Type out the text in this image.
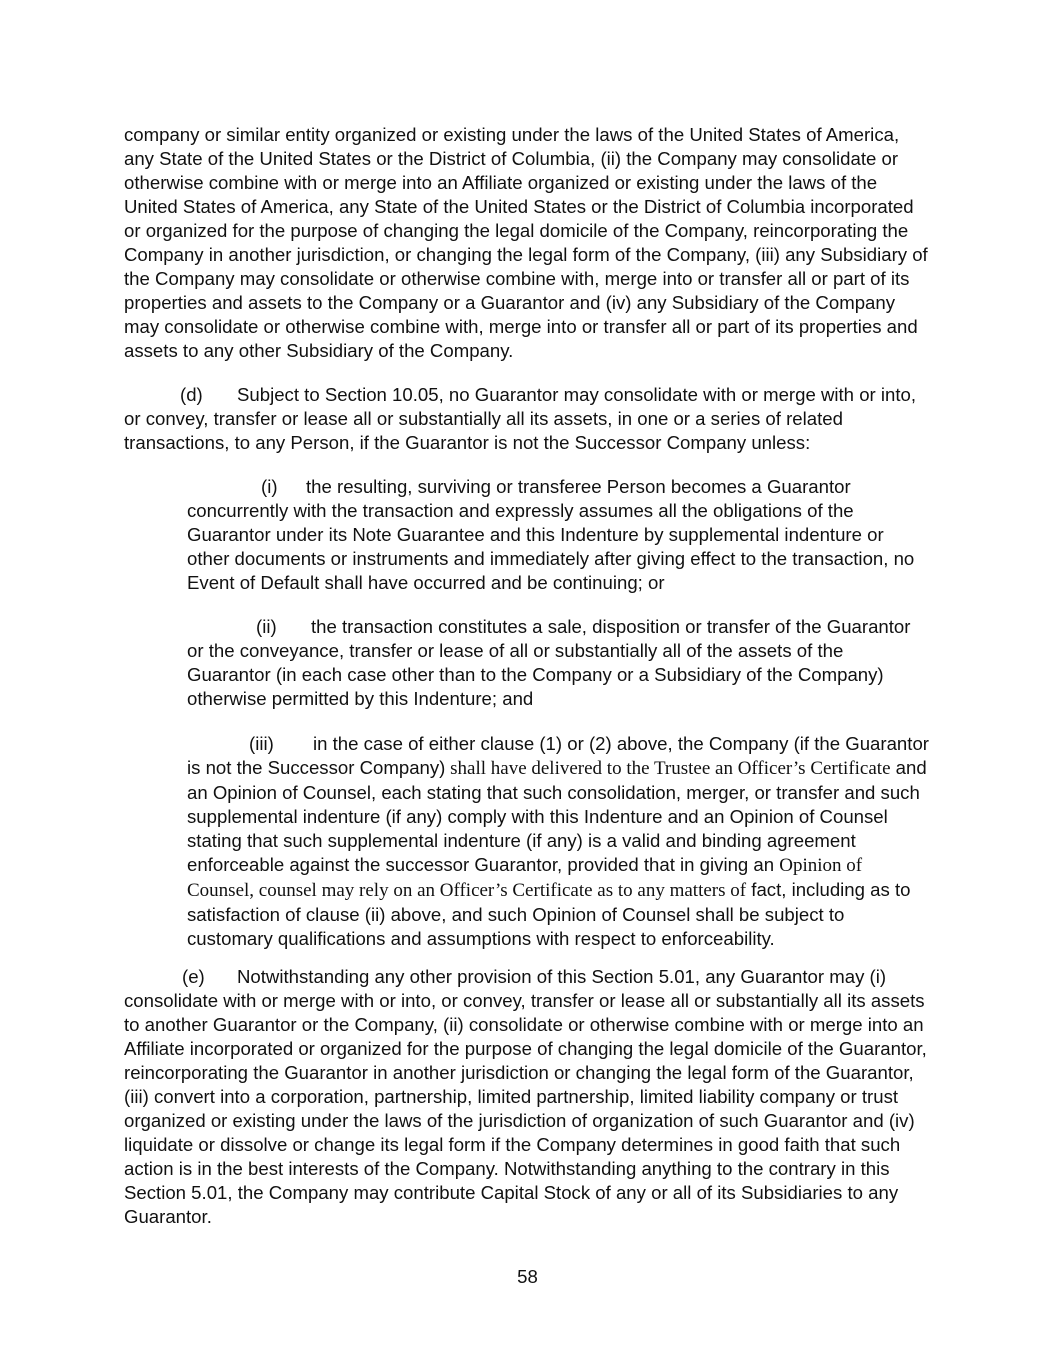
company or similar entity organized or existing under the laws of the United States of America, any State of the United States or the District of Columbia, (ii) the Company may consolidate or otherwise combine with or merge into an Affiliate organized or existing under the laws of the United States of America, any State of the United States or the District of Columbia incorporated or organized for the purpose of changing the legal domicile of the Company, reincorporating the Company in another jurisdiction, or changing the legal form of the Company, (iii) any Subsidiary of the Company may consolidate or otherwise combine with, merge into or transfer all or part of its properties and assets to the Company or a Guarantor and (iv) any Subsidiary of the Company may consolidate or otherwise combine with, merge into or transfer all or part of its properties and assets to any other Subsidiary of the Company.

(d) Subject to Section 10.05, no Guarantor may consolidate with or merge with or into, or convey, transfer or lease all or substantially all its assets, in one or a series of related transactions, to any Person, if the Guarantor is not the Successor Company unless:

(i) the resulting, surviving or transferee Person becomes a Guarantor concurrently with the transaction and expressly assumes all the obligations of the Guarantor under its Note Guarantee and this Indenture by supplemental indenture or other documents or instruments and immediately after giving effect to the transaction, no Event of Default shall have occurred and be continuing; or

(ii) the transaction constitutes a sale, disposition or transfer of the Guarantor or the conveyance, transfer or lease of all or substantially all of the assets of the Guarantor (in each case other than to the Company or a Subsidiary of the Company) otherwise permitted by this Indenture; and

(iii) in the case of either clause (1) or (2) above, the Company (if the Guarantor is not the Successor Company) shall have delivered to the Trustee an Officer’s Certificate and an Opinion of Counsel, each stating that such consolidation, merger, or transfer and such supplemental indenture (if any) comply with this Indenture and an Opinion of Counsel stating that such supplemental indenture (if any) is a valid and binding agreement enforceable against the successor Guarantor, provided that in giving an Opinion of Counsel, counsel may rely on an Officer’s Certificate as to any matters of fact, including as to satisfaction of clause (ii) above, and such Opinion of Counsel shall be subject to customary qualifications and assumptions with respect to enforceability.

(e) Notwithstanding any other provision of this Section 5.01, any Guarantor may (i) consolidate with or merge with or into, or convey, transfer or lease all or substantially all its assets to another Guarantor or the Company, (ii) consolidate or otherwise combine with or merge into an Affiliate incorporated or organized for the purpose of changing the legal domicile of the Guarantor, reincorporating the Guarantor in another jurisdiction or changing the legal form of the Guarantor, (iii) convert into a corporation, partnership, limited partnership, limited liability company or trust organized or existing under the laws of the jurisdiction of organization of such Guarantor and (iv) liquidate or dissolve or change its legal form if the Company determines in good faith that such action is in the best interests of the Company. Notwithstanding anything to the contrary in this Section 5.01, the Company may contribute Capital Stock of any or all of its Subsidiaries to any Guarantor.

58
